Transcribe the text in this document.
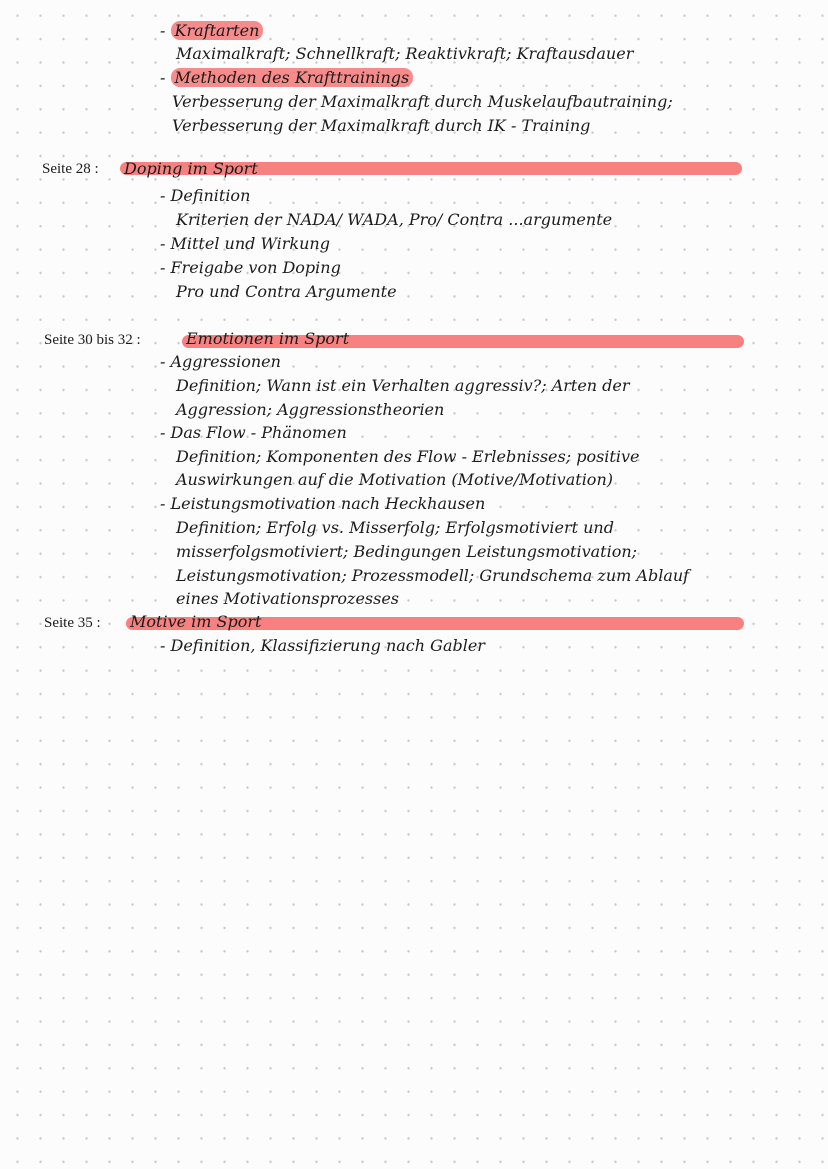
- Kraftarten
Maximalkraft; Schnellkraft; Reaktivkraft; Kraftausdauer
- Methoden des Krafttrainings
Verbesserung der Maximalkraft durch Muskelaufbautraining;
Verbesserung der Maximalkraft durch IK - Training
Seite 28 : Doping im Sport
- Definition
Kriterien der NADA/ WADA, Pro/ Contra ...argumente
- Mittel und Wirkung
- Freigabe von Doping
Pro und Contra Argumente
Seite 30 bis 32 :	Emotionen im Sport
- Aggressionen
Definition; Wann ist ein Verhalten aggressiv?; Arten der
Aggression; Aggressionstheorien
- Das Flow - Phänomen
Definition; Komponenten des Flow - Erlebnisses; positive
Auswirkungen auf die Motivation (Motive/Motivation)
- Leistungsmotivation nach Heckhausen
Definition; Erfolg vs. Misserfolg; Erfolgsmotiviert und
misserfolgsmotiviert; Bedingungen Leistungsmotivation;
Leistungsmotivation; Prozessmodell; Grundschema zum Ablauf
eines Motivationsprozesses
Seite 35 : Motive im Sport
- Definition, Klassifizierung nach Gabler
